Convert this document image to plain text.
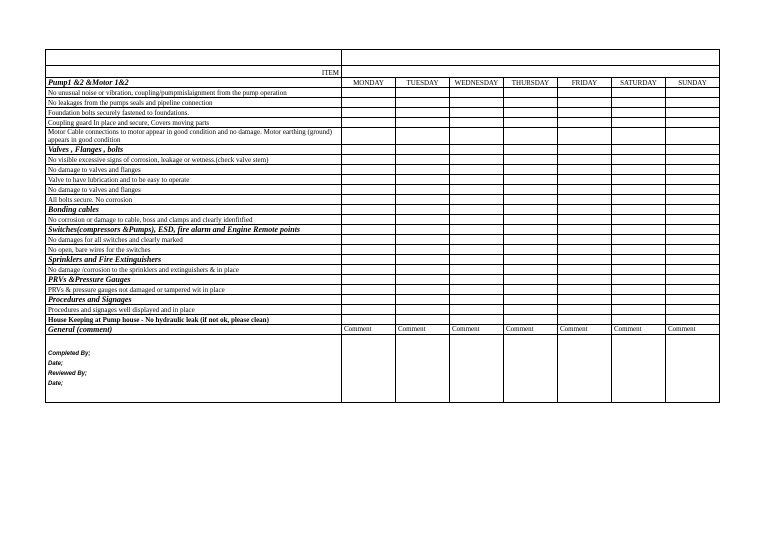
ITEM							
Pump1 &2 &Motor 1&2	MONDAY	TUESDAY	WEDNESDAY	THURSDAY	FRIDAY	SATURDAY	SUNDAY
No unusual noise or vibration, coupling/pumpmislaignment from the pump operation							
No leakages from the pumps seals and pipeline connection							
Foundation bolts securely fastened to foundations.							
Coupling guard In place and secure, Covers moving parts							
Motor Cable connections to motor appear in good condition and no damage. Motor earthing (ground) appears in good condition							
Valves , Flanges , bolts							
No visible excessive signs of corrosion, leakage or wetness.(check valve stem)							
No damage to valves and flanges							
Valve to have lubrication and to be easy to operate							
No damage to valves and flanges							
All bolts secure. No corrosion							
Bonding cables							
No corrosion or damage to cable, boss and clamps and clearly idenfitfied							
Switches(compressors &Pumps), ESD, fire alarm and Engine Remote points							
No damages for all switches and clearly marked							
No open, bare wires for the switches							
Sprinklers and Fire Extinguishers							
No damage /corrosion to the sprinklers and extinguishers & in place							
PRVs &Pressure Gauges							
PRVs & pressure gauges not damaged or tampered wit in place							
Procedures and Signages							
Procedures and signages well displayed and in place							
House Keeping at Pump house - No hydraulic leak (if not ok, please clean)							
General (comment)	Comment	Comment	Comment	Comment	Comment	Comment	Comment

Completed By;
Date;
Reviewed By;
Date;							
